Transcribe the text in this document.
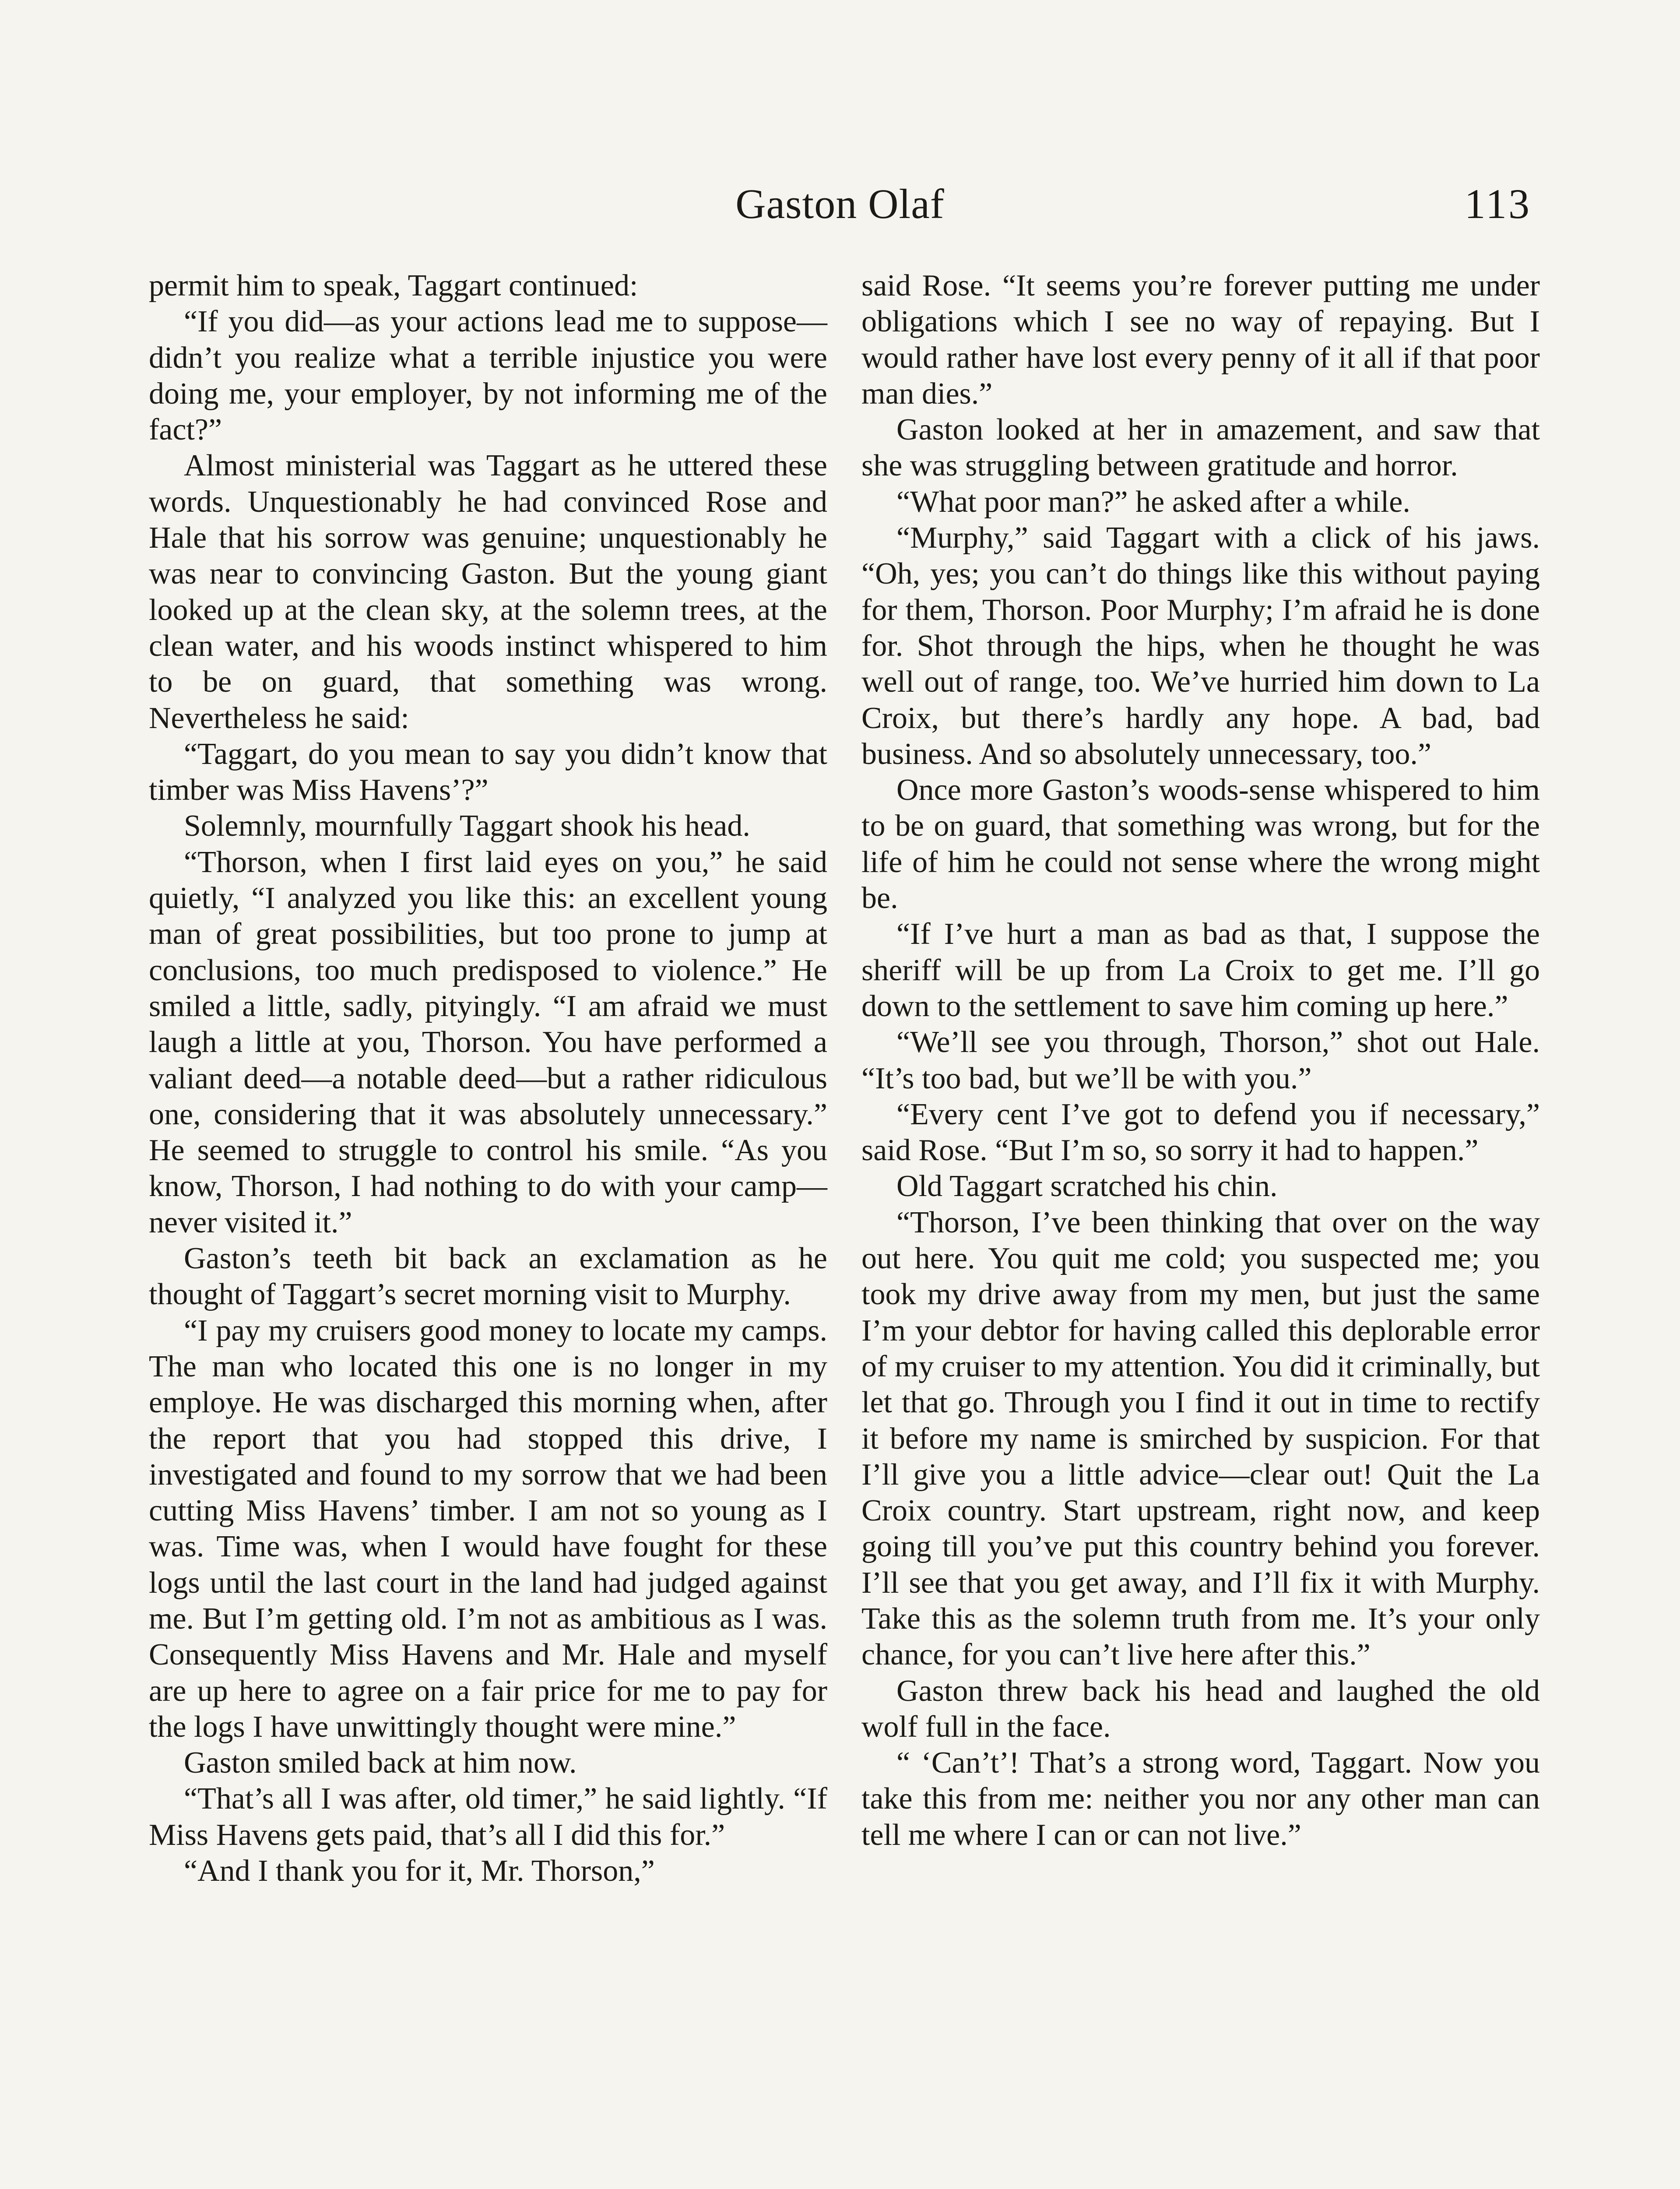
Gaston Olaf	113

permit him to speak, Taggart continued:

“If you did—as your actions lead me to suppose—didn’t you realize what a terrible injustice you were doing me, your employer, by not informing me of the fact?”

Almost ministerial was Taggart as he uttered these words. Unquestionably he had convinced Rose and Hale that his sorrow was genuine; unquestionably he was near to convincing Gaston. But the young giant looked up at the clean sky, at the solemn trees, at the clean water, and his woods instinct whispered to him to be on guard, that something was wrong. Nevertheless he said:

“Taggart, do you mean to say you didn’t know that timber was Miss Havens’?”

Solemnly, mournfully Taggart shook his head.

“Thorson, when I first laid eyes on you,” he said quietly, “I analyzed you like this: an excellent young man of great possibilities, but too prone to jump at conclusions, too much predisposed to violence.” He smiled a little, sadly, pityingly. “I am afraid we must laugh a little at you, Thorson. You have performed a valiant deed—a notable deed—but a rather ridiculous one, considering that it was absolutely unnecessary.” He seemed to struggle to control his smile. “As you know, Thorson, I had nothing to do with your camp—never visited it.”

Gaston’s teeth bit back an exclamation as he thought of Taggart’s secret morning visit to Murphy.

“I pay my cruisers good money to locate my camps. The man who located this one is no longer in my employe. He was discharged this morning when, after the report that you had stopped this drive, I investigated and found to my sorrow that we had been cutting Miss Havens’ timber. I am not so young as I was. Time was, when I would have fought for these logs until the last court in the land had judged against me. But I’m getting old. I’m not as ambitious as I was. Consequently Miss Havens and Mr. Hale and myself are up here to agree on a fair price for me to pay for the logs I have unwittingly thought were mine.”

Gaston smiled back at him now.

“That’s all I was after, old timer,” he said lightly. “If Miss Havens gets paid, that’s all I did this for.”

“And I thank you for it, Mr. Thorson,”

said Rose. “It seems you’re forever putting me under obligations which I see no way of repaying. But I would rather have lost every penny of it all if that poor man dies.”

Gaston looked at her in amazement, and saw that she was struggling between gratitude and horror.

“What poor man?” he asked after a while.

“Murphy,” said Taggart with a click of his jaws. “Oh, yes; you can’t do things like this without paying for them, Thorson. Poor Murphy; I’m afraid he is done for. Shot through the hips, when he thought he was well out of range, too. We’ve hurried him down to La Croix, but there’s hardly any hope. A bad, bad business. And so absolutely unnecessary, too.”

Once more Gaston’s woods-sense whispered to him to be on guard, that something was wrong, but for the life of him he could not sense where the wrong might be.

“If I’ve hurt a man as bad as that, I suppose the sheriff will be up from La Croix to get me. I’ll go down to the settlement to save him coming up here.”

“We’ll see you through, Thorson,” shot out Hale. “It’s too bad, but we’ll be with you.”

“Every cent I’ve got to defend you if necessary,” said Rose. “But I’m so, so sorry it had to happen.”

Old Taggart scratched his chin.

“Thorson, I’ve been thinking that over on the way out here. You quit me cold; you suspected me; you took my drive away from my men, but just the same I’m your debtor for having called this deplorable error of my cruiser to my attention. You did it criminally, but let that go. Through you I find it out in time to rectify it before my name is smirched by suspicion. For that I’ll give you a little advice—clear out! Quit the La Croix country. Start upstream, right now, and keep going till you’ve put this country behind you forever. I’ll see that you get away, and I’ll fix it with Murphy. Take this as the solemn truth from me. It’s your only chance, for you can’t live here after this.”

Gaston threw back his head and laughed the old wolf full in the face.

“ ‘Can’t’! That’s a strong word, Taggart. Now you take this from me: neither you nor any other man can tell me where I can or can not live.”
